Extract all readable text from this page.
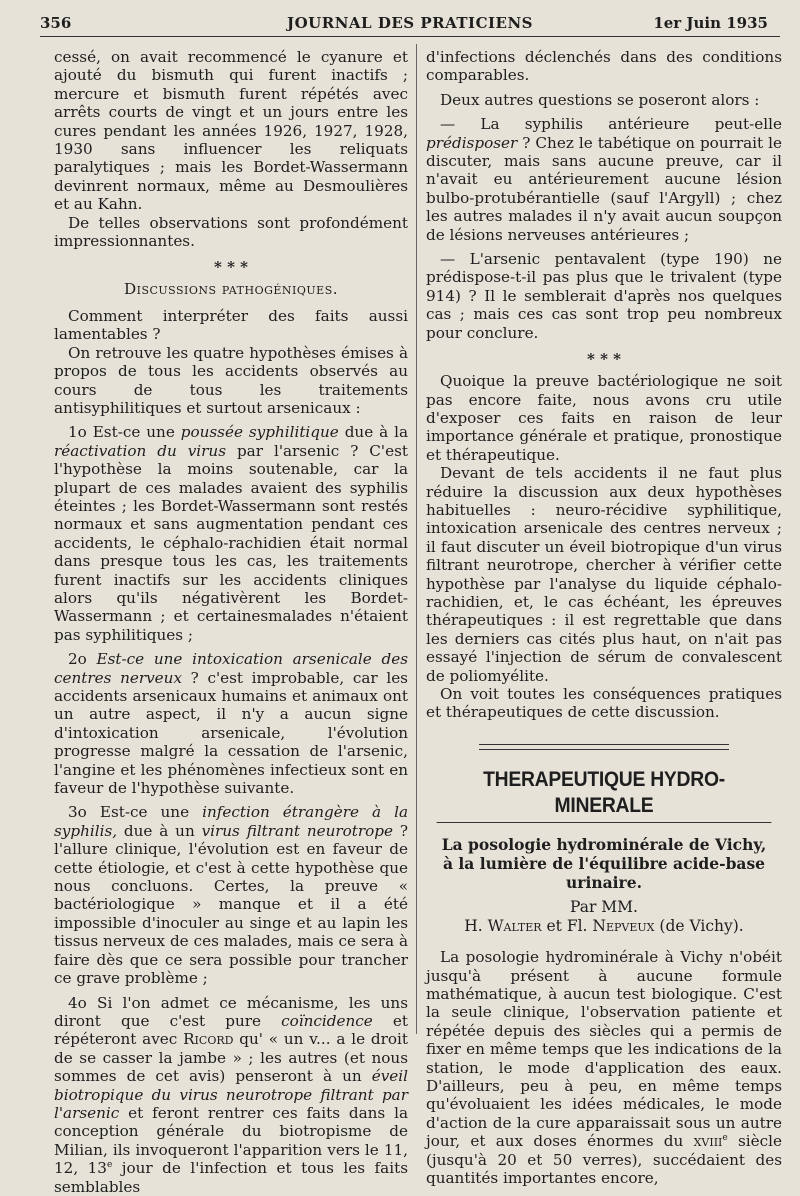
356	JOURNAL DES PRATICIENS	1er Juin 1935

cessé, on avait recommencé le cyanure et ajouté du bismuth qui furent inactifs ; mercure et bismuth furent répétés avec arrêts courts de vingt et un jours entre les cures pendant les années 1926, 1927, 1928, 1930 sans influencer les reliquats paralytiques ; mais les Bordet-Wassermann devinrent normaux, même au Desmoulières et au Kahn.

De telles observations sont profondément impressionnantes.

* * *
Discussions pathogéniques.

Comment interpréter des faits aussi lamentables ?

On retrouve les quatre hypothèses émises à propos de tous les accidents observés au cours de tous les traitements antisyphilitiques et surtout arsenicaux :

1o Est-ce une poussée syphilitique due à la réactivation du virus par l'arsenic ? C'est l'hypothèse la moins soutenable, car la plupart de ces malades avaient des syphilis éteintes ; les Bordet-Wassermann sont restés normaux et sans augmentation pendant ces accidents, le céphalo-rachidien était normal dans presque tous les cas, les traitements furent inactifs sur les accidents cliniques alors qu'ils négativèrent les Bordet-Wassermann ; et certainesmalades n'étaient pas syphilitiques ;

2o Est-ce une intoxication arsenicale des centres nerveux ? c'est improbable, car les accidents arsenicaux humains et animaux ont un autre aspect, il n'y a aucun signe d'intoxication arsenicale, l'évolution progresse malgré la cessation de l'arsenic, l'angine et les phénomènes infectieux sont en faveur de l'hypothèse suivante.

3o Est-ce une infection étrangère à la syphilis, due à un virus filtrant neurotrope ? l'allure clinique, l'évolution est en faveur de cette étiologie, et c'est à cette hypothèse que nous concluons. Certes, la preuve « bactériologique » manque et il a été impossible d'inoculer au singe et au lapin les tissus nerveux de ces malades, mais ce sera à faire dès que ce sera possible pour trancher ce grave problème ;

4o Si l'on admet ce mécanisme, les uns diront que c'est pure coïncidence et répéteront avec Ricord qu' « un v... a le droit de se casser la jambe » ; les autres (et nous sommes de cet avis) penseront à un éveil biotropique du virus neurotrope filtrant par l'arsenic et feront rentrer ces faits dans la conception générale du biotropisme de Milian, ils invoqueront l'apparition vers le 11, 12, 13e jour de l'infection et tous les faits semblables

d'infections déclenchés dans des conditions comparables.

Deux autres questions se poseront alors :

— La syphilis antérieure peut-elle prédisposer ? Chez le tabétique on pourrait le discuter, mais sans aucune preuve, car il n'avait eu antérieurement aucune lésion bulbo-protubérantielle (sauf l'Argyll) ; chez les autres malades il n'y avait aucun soupçon de lésions nerveuses antérieures ;

— L'arsenic pentavalent (type 190) ne prédispose-t-il pas plus que le trivalent (type 914) ? Il le semblerait d'après nos quelques cas ; mais ces cas sont trop peu nombreux pour conclure.

* * *

Quoique la preuve bactériologique ne soit pas encore faite, nous avons cru utile d'exposer ces faits en raison de leur importance générale et pratique, pronostique et thérapeutique.

Devant de tels accidents il ne faut plus réduire la discussion aux deux hypothèses habituelles : neuro-récidive syphilitique, intoxication arsenicale des centres nerveux ; il faut discuter un éveil biotropique d'un virus filtrant neurotrope, chercher à vérifier cette hypothèse par l'analyse du liquide céphalo-rachidien, et, le cas échéant, les épreuves thérapeutiques : il est regrettable que dans les derniers cas cités plus haut, on n'ait pas essayé l'injection de sérum de convalescent de poliomyélite.

On voit toutes les conséquences pratiques et thérapeutiques de cette discussion.

THERAPEUTIQUE HYDRO-MINERALE
La posologie hydrominérale de Vichy,
à la lumière de l'équilibre acide-base urinaire.
Par MM.
H. Walter et Fl. Nepveux (de Vichy).

La posologie hydrominérale à Vichy n'obéit jusqu'à présent à aucune formule mathématique, à aucun test biologique. C'est la seule clinique, l'observation patiente et répétée depuis des siècles qui a permis de fixer en même temps que les indications de la station, le mode d'application des eaux. D'ailleurs, peu à peu, en même temps qu'évoluaient les idées médicales, le mode d'action de la cure apparaissait sous un autre jour, et aux doses énormes du xviii$^e$ siècle (jusqu'à 20 et 50 verres), succédaient des quantités importantes encore,
